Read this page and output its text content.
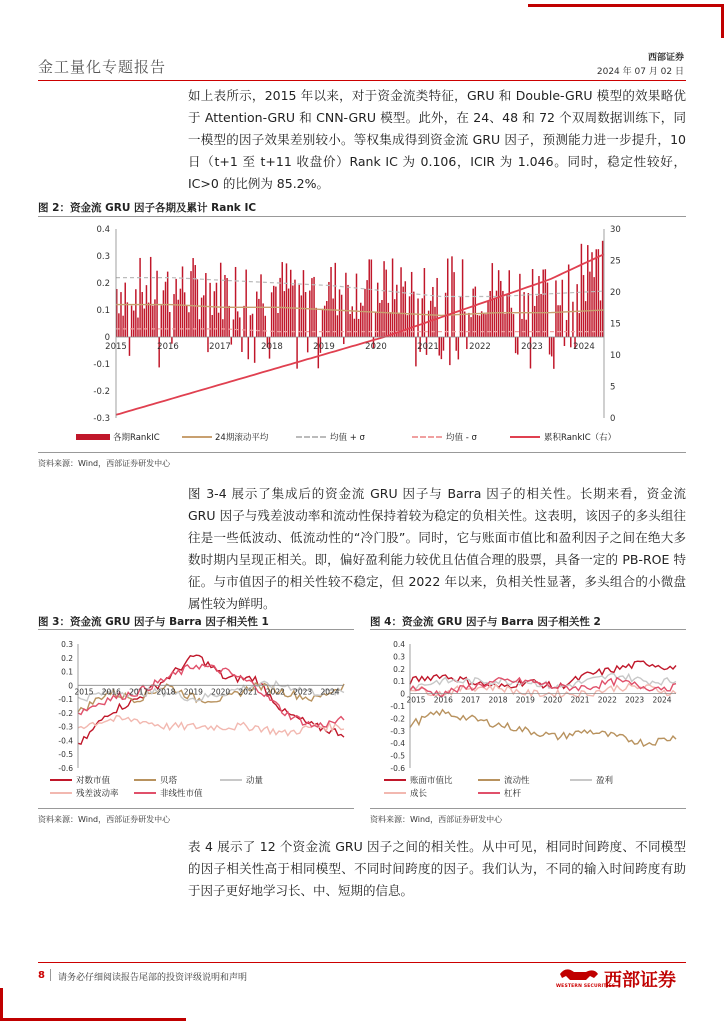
金工量化专题报告	西部证券
2024 年 07 月 02 日
如上表所示，2015 年以来，对于资金流类特征，GRU 和 Double-GRU 模型的效果略优于 Attention-GRU 和 CNN-GRU 模型。此外，在 24、48 和 72 个双周数据训练下，同一模型的因子效果差别较小。等权集成得到资金流 GRU 因子，预测能力进一步提升，10 日（t+1 至 t+11 收盘价）Rank IC 为 0.106，ICIR 为 1.046。同时，稳定性较好，IC>0 的比例为 85.2%。
图 2：资金流 GRU 因子各期及累计 Rank IC
0.4
0.3
0.2
0.1
0
-0.1
-0.2
-0.3
30
25
20
15
10
5
0
2015	2016	2017	2018	2019	2020	2021	2022	2023	2024
各期RankIC	24期滚动平均	均值 + σ	均值 - σ	累积RankIC（右）
资料来源：Wind，西部证券研发中心
图 3-4 展示了集成后的资金流 GRU 因子与 Barra 因子的相关性。长期来看，资金流 GRU 因子与残差波动率和流动性保持着较为稳定的负相关性。这表明，该因子的多头组往往是一些低波动、低流动性的“冷门股”。同时，它与账面市值比和盈利因子之间在绝大多数时期内呈现正相关。即，偏好盈利能力较优且估值合理的股票，具备一定的 PB-ROE 特征。与市值因子的相关性较不稳定，但 2022 年以来，负相关性显著，多头组合的小微盘属性较为鲜明。
图 3：资金流 GRU 因子与 Barra 因子相关性 1
0.3
0.2
0.1
0
-0.1
-0.2
-0.3
-0.4
-0.5
-0.6
2015 2016 2017 2018 2019 2020 2021 2022 2023 2024
对数市值	贝塔	动量
残差波动率	非线性市值
资料来源：Wind，西部证券研发中心
图 4：资金流 GRU 因子与 Barra 因子相关性 2
0.4
0.3
0.2
0.1
0
-0.1
-0.2
-0.3
-0.4
-0.5
-0.6
2015 2016 2017 2018 2019 2020 2021 2022 2023 2024
账面市值比	流动性	盈利
成长	杠杆
资料来源：Wind，西部证券研发中心
表 4 展示了 12 个资金流 GRU 因子之间的相关性。从中可见，相同时间跨度、不同模型的因子相关性高于相同模型、不同时间跨度的因子。我们认为，不同的输入时间跨度有助于因子更好地学习长、中、短期的信息。
8 请务必仔细阅读报告尾部的投资评级说明和声明
WESTERN SECURITIES
西部证券
